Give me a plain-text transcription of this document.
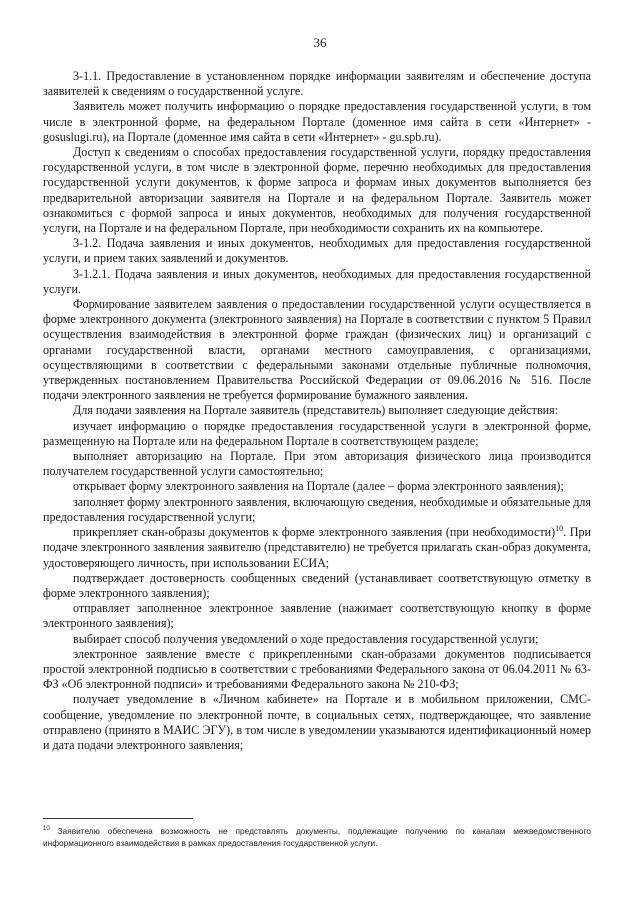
36

3-1.1. Предоставление в установленном порядке информации заявителям и обеспечение доступа заявителей к сведениям о государственной услуге.

Заявитель может получить информацию о порядке предоставления государственной услуги, в том числе в электронной форме, на федеральном Портале (доменное имя сайта в сети «Интернет» - gosuslugi.ru), на Портале (доменное имя сайта в сети «Интернет» - gu.spb.ru).

Доступ к сведениям о способах предоставления государственной услуги, порядку предоставления государственной услуги, в том числе в электронной форме, перечню необходимых для предоставления государственной услуги документов, к форме запроса и формам иных документов выполняется без предварительной авторизации заявителя на Портале и на федеральном Портале. Заявитель может ознакомиться с формой запроса и иных документов, необходимых для получения государственной услуги, на Портале и на федеральном Портале, при необходимости сохранить их на компьютере.

3-1.2. Подача заявления и иных документов, необходимых для предоставления государственной услуги, и прием таких заявлений и документов.

3-1.2.1. Подача заявления и иных документов, необходимых для предоставления государственной услуги.

Формирование заявителем заявления о предоставлении государственной услуги осуществляется в форме электронного документа (электронного заявления) на Портале в соответствии с пунктом 5 Правил осуществления взаимодействия в электронной форме граждан (физических лиц) и организаций с органами государственной власти, органами местного самоуправления, с организациями, осуществляющими в соответствии с федеральными законами отдельные публичные полномочия, утвержденных постановлением Правительства Российской Федерации от 09.06.2016 № 516. После подачи электронного заявления не требуется формирование бумажного заявления.

Для подачи заявления на Портале заявитель (представитель) выполняет следующие действия:

изучает информацию о порядке предоставления государственной услуги в электронной форме, размещенную на Портале или на федеральном Портале в соответствующем разделе;

выполняет авторизацию на Портале. При этом авторизация физического лица производится получателем государственной услуги самостоятельно;

открывает форму электронного заявления на Портале (далее – форма электронного заявления);

заполняет форму электронного заявления, включающую сведения, необходимые и обязательные для предоставления государственной услуги;

прикрепляет скан-образы документов к форме электронного заявления (при необходимости)$^{10}$. При подаче электронного заявления заявителю (представителю) не требуется прилагать скан-образ документа, удостоверяющего личность, при использовании ЕСИА;

подтверждает достоверность сообщенных сведений (устанавливает соответствующую отметку в форме электронного заявления);

отправляет заполненное электронное заявление (нажимает соответствующую кнопку в форме электронного заявления);

выбирает способ получения уведомлений о ходе предоставления государственной услуги;

электронное заявление вместе с прикрепленными скан-образами документов подписывается простой электронной подписью в соответствии с требованиями Федерального закона от 06.04.2011 № 63-ФЗ «Об электронной подписи» и требованиями Федерального закона № 210-ФЗ;

получает уведомление в «Личном кабинете» на Портале и в мобильном приложении, СМС-сообщение, уведомление по электронной почте, в социальных сетях, подтверждающее, что заявление отправлено (принято в МАИС ЭГУ), в том числе в уведомлении указываются идентификационный номер и дата подачи электронного заявления;

$^{10}$ Заявителю обеспечена возможность не представлять документы, подлежащие получению по каналам межведомственного информационного взаимодействия в рамках предоставления государственной услуги.
